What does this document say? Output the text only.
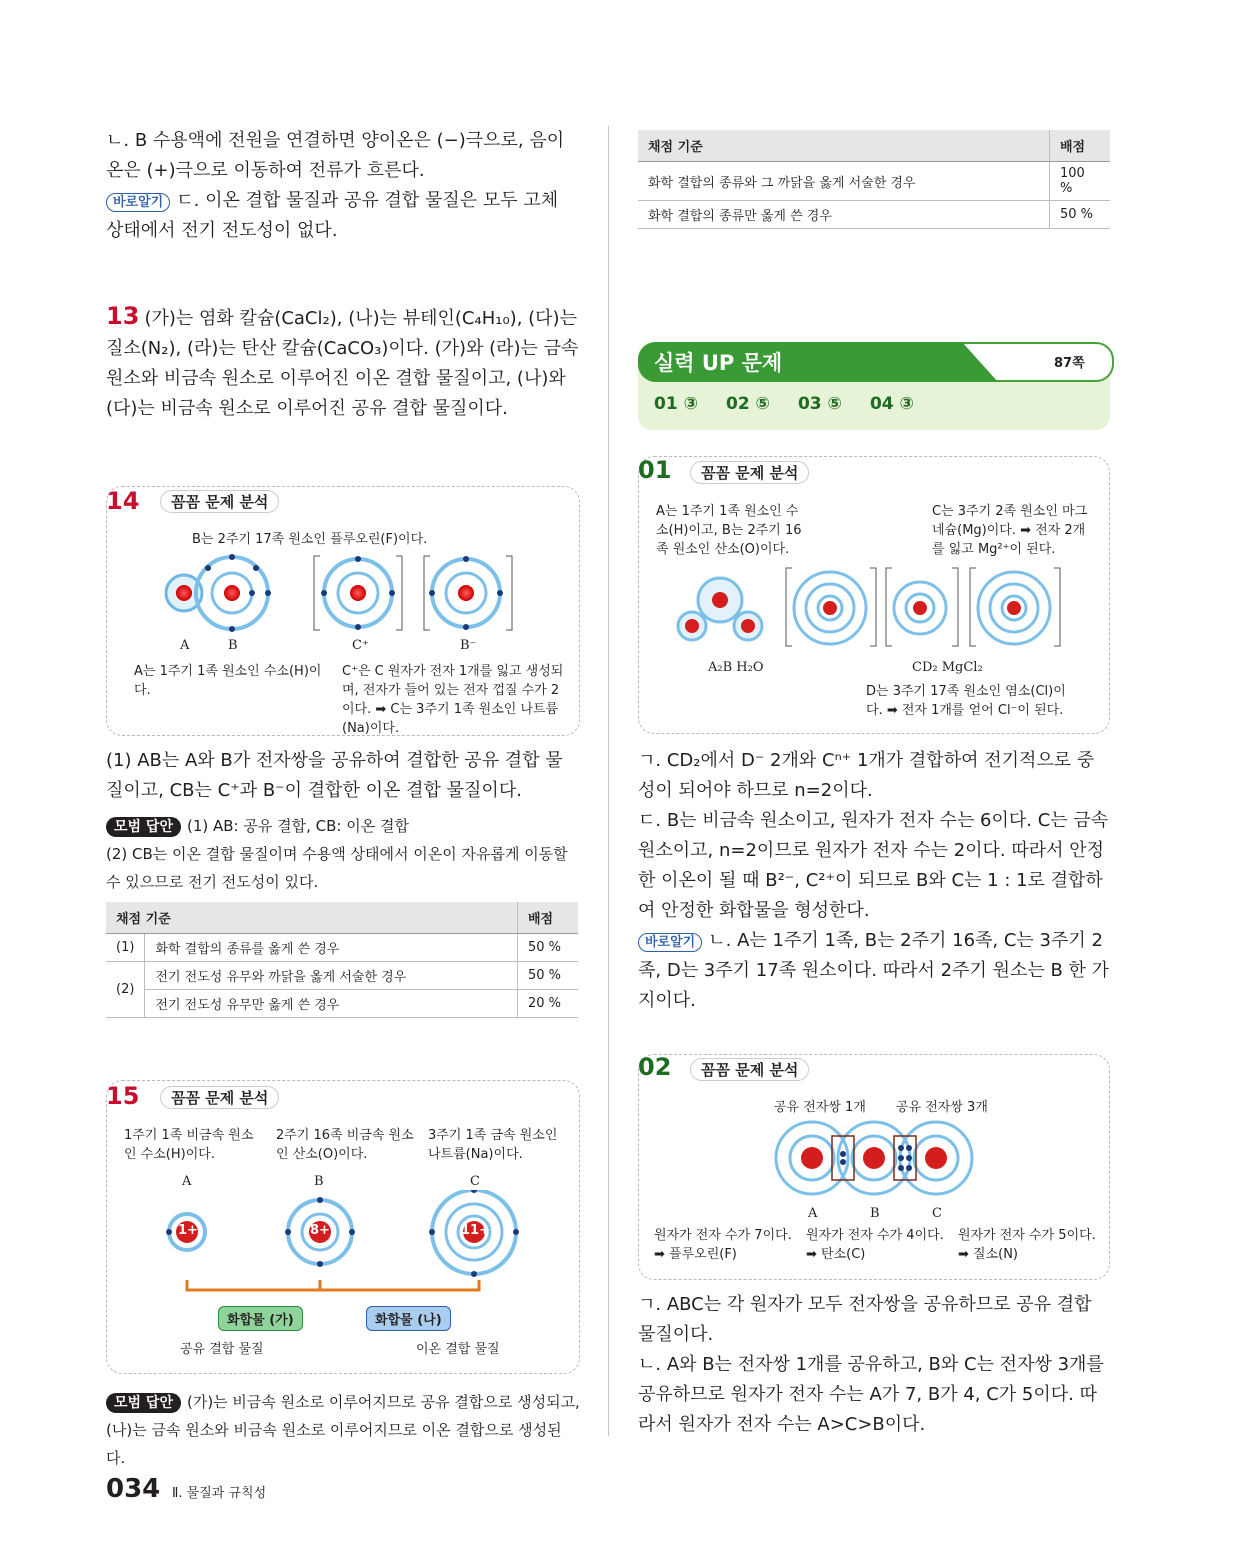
ㄴ. B 수용액에 전원을 연결하면 양이온은 (−)극으로, 음이온은 (+)극으로 이동하여 전류가 흐른다.
바로알기 ㄷ. 이온 결합 물질과 공유 결합 물질은 모두 고체 상태에서 전기 전도성이 없다.
13 (가)는 염화 칼슘(CaCl₂), (나)는 뷰테인(C₄H₁₀), (다)는 질소(N₂), (라)는 탄산 칼슘(CaCO₃)이다. (가)와 (라)는 금속 원소와 비금속 원소로 이루어진 이온 결합 물질이고, (나)와 (다)는 비금속 원소로 이루어진 공유 결합 물질이다.
14	꼼꼼 문제 분석
B는 2주기 17족 원소인 플루오린(F)이다.
A	B	C⁺	B⁻
A는 1주기 1족 원소인 수소(H)이다.
C⁺은 C 원자가 전자 1개를 잃고 생성되며, 전자가 들어 있는 전자 껍질 수가 2이다. ➡ C는 3주기 1족 원소인 나트륨(Na)이다.
(1) AB는 A와 B가 전자쌍을 공유하여 결합한 공유 결합 물질이고, CB는 C⁺과 B⁻이 결합한 이온 결합 물질이다.
모범 답안 (1) AB: 공유 결합, CB: 이온 결합
(2) CB는 이온 결합 물질이며 수용액 상태에서 이온이 자유롭게 이동할 수 있으므로 전기 전도성이 있다.
채점 기준		배점
(1)	화학 결합의 종류를 옳게 쓴 경우	50 %
(2)	전기 전도성 유무와 까닭을 옳게 서술한 경우	50 %
	전기 전도성 유무만 옳게 쓴 경우	20 %
15	꼼꼼 문제 분석
1주기 1족 비금속 원소인 수소(H)이다.
2주기 16족 비금속 원소인 산소(O)이다.
3주기 1족 금속 원소인 나트륨(Na)이다.
A	B	C
1+	8+	11+
화합물 (가)	화합물 (나)
공유 결합 물질	이온 결합 물질
모범 답안 (가)는 비금속 원소로 이루어지므로 공유 결합으로 생성되고, (나)는 금속 원소와 비금속 원소로 이루어지므로 이온 결합으로 생성된다.
채점 기준	배점
화학 결합의 종류와 그 까닭을 옳게 서술한 경우	100 %
화학 결합의 종류만 옳게 쓴 경우	50 %
실력 UP 문제	87쪽
01 ③ 02 ⑤ 03 ⑤ 04 ③
01	꼼꼼 문제 분석
A는 1주기 1족 원소인 수소(H)이고, B는 2주기 16족 원소인 산소(O)이다.
C는 3주기 2족 원소인 마그네슘(Mg)이다. ➡ 전자 2개를 잃고 Mg²⁺이 된다.
A₂B H₂O	CD₂ MgCl₂
D는 3주기 17족 원소인 염소(Cl)이다. ➡ 전자 1개를 얻어 Cl⁻이 된다.
ㄱ. CD₂에서 D⁻ 2개와 Cⁿ⁺ 1개가 결합하여 전기적으로 중성이 되어야 하므로 n=2이다.
ㄷ. B는 비금속 원소이고, 원자가 전자 수는 6이다. C는 금속 원소이고, n=2이므로 원자가 전자 수는 2이다. 따라서 안정한 이온이 될 때 B²⁻, C²⁺이 되므로 B와 C는 1 : 1로 결합하여 안정한 화합물을 형성한다.
바로알기 ㄴ. A는 1주기 1족, B는 2주기 16족, C는 3주기 2족, D는 3주기 17족 원소이다. 따라서 2주기 원소는 B 한 가지이다.
02	꼼꼼 문제 분석
공유 전자쌍 1개 공유 전자쌍 3개
A	B	C
원자가 전자 수가 7이다. ➡ 플루오린(F)
원자가 전자 수가 4이다. ➡ 탄소(C)
원자가 전자 수가 5이다. ➡ 질소(N)
ㄱ. ABC는 각 원자가 모두 전자쌍을 공유하므로 공유 결합 물질이다.
ㄴ. A와 B는 전자쌍 1개를 공유하고, B와 C는 전자쌍 3개를 공유하므로 원자가 전자 수는 A가 7, B가 4, C가 5이다. 따라서 원자가 전자 수는 A>C>B이다.
034 Ⅱ. 물질과 규칙성
